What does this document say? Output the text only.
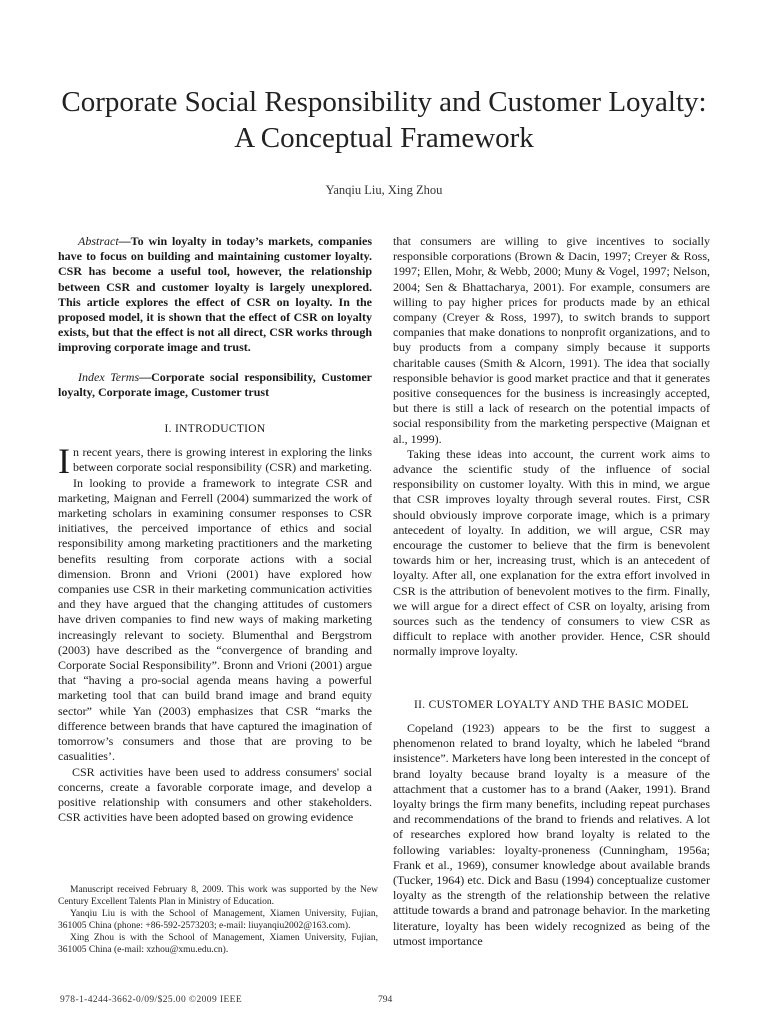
Corporate Social Responsibility and Customer Loyalty: A Conceptual Framework
Yanqiu Liu, Xing Zhou

Abstract—To win loyalty in today’s markets, companies have to focus on building and maintaining customer loyalty. CSR has become a useful tool, however, the relationship between CSR and customer loyalty is largely unexplored. This article explores the effect of CSR on loyalty. In the proposed model, it is shown that the effect of CSR on loyalty exists, but that the effect is not all direct, CSR works through improving corporate image and trust.

Index Terms—Corporate social responsibility, Customer loyalty, Corporate image, Customer trust

I. INTRODUCTION

In recent years, there is growing interest in exploring the links between corporate social responsibility (CSR) and marketing. In looking to provide a framework to integrate CSR and marketing, Maignan and Ferrell (2004) summarized the work of marketing scholars in examining consumer responses to CSR initiatives, the perceived importance of ethics and social responsibility among marketing practitioners and the marketing benefits resulting from corporate actions with a social dimension. Bronn and Vrioni (2001) have explored how companies use CSR in their marketing communication activities and they have argued that the changing attitudes of customers have driven companies to find new ways of making marketing increasingly relevant to society. Blumenthal and Bergstrom (2003) have described as the “convergence of branding and Corporate Social Responsibility”. Bronn and Vrioni (2001) argue that “having a pro-social agenda means having a powerful marketing tool that can build brand image and brand equity sector” while Yan (2003) emphasizes that CSR “marks the difference between brands that have captured the imagination of tomorrow’s consumers and those that are proving to be casualities’.

CSR activities have been used to address consumers' social concerns, create a favorable corporate image, and develop a positive relationship with consumers and other stakeholders. CSR activities have been adopted based on growing evidence

that consumers are willing to give incentives to socially responsible corporations (Brown & Dacin, 1997; Creyer & Ross, 1997; Ellen, Mohr, & Webb, 2000; Muny & Vogel, 1997; Nelson, 2004; Sen & Bhattacharya, 2001). For example, consumers are willing to pay higher prices for products made by an ethical company (Creyer & Ross, 1997), to switch brands to support companies that make donations to nonprofit organizations, and to buy products from a company simply because it supports charitable causes (Smith & Alcorn, 1991). The idea that socially responsible behavior is good market practice and that it generates positive consequences for the business is increasingly accepted, but there is still a lack of research on the potential impacts of social responsibility from the marketing perspective (Maignan et al., 1999).

Taking these ideas into account, the current work aims to advance the scientific study of the influence of social responsibility on customer loyalty. With this in mind, we argue that CSR improves loyalty through several routes. First, CSR should obviously improve corporate image, which is a primary antecedent of loyalty. In addition, we will argue, CSR may encourage the customer to believe that the firm is benevolent towards him or her, increasing trust, which is an antecedent of loyalty. After all, one explanation for the extra effort involved in CSR is the attribution of benevolent motives to the firm. Finally, we will argue for a direct effect of CSR on loyalty, arising from sources such as the tendency of consumers to view CSR as difficult to replace with another provider. Hence, CSR should normally improve loyalty.

II. CUSTOMER LOYALTY AND THE BASIC MODEL

Copeland (1923) appears to be the first to suggest a phenomenon related to brand loyalty, which he labeled “brand insistence”. Marketers have long been interested in the concept of brand loyalty because brand loyalty is a measure of the attachment that a customer has to a brand (Aaker, 1991). Brand loyalty brings the firm many benefits, including repeat purchases and recommendations of the brand to friends and relatives. A lot of researches explored how brand loyalty is related to the following variables: loyalty-proneness (Cunningham, 1956a; Frank et al., 1969), consumer knowledge about available brands (Tucker, 1964) etc. Dick and Basu (1994) conceptualize customer loyalty as the strength of the relationship between the relative attitude towards a brand and patronage behavior. In the marketing literature, loyalty has been widely recognized as being of the utmost importance

Manuscript received February 8, 2009. This work was supported by the New Century Excellent Talents Plan in Ministry of Education.

Yanqiu Liu is with the School of Management, Xiamen University, Fujian, 361005 China (phone: +86-592-2573203; e-mail: liuyanqiu2002@163.com).

Xing Zhou is with the School of Management, Xiamen University, Fujian, 361005 China (e-mail: xzhou@xmu.edu.cn).

978-1-4244-3662-0/09/$25.00 ©2009 IEEE	794
